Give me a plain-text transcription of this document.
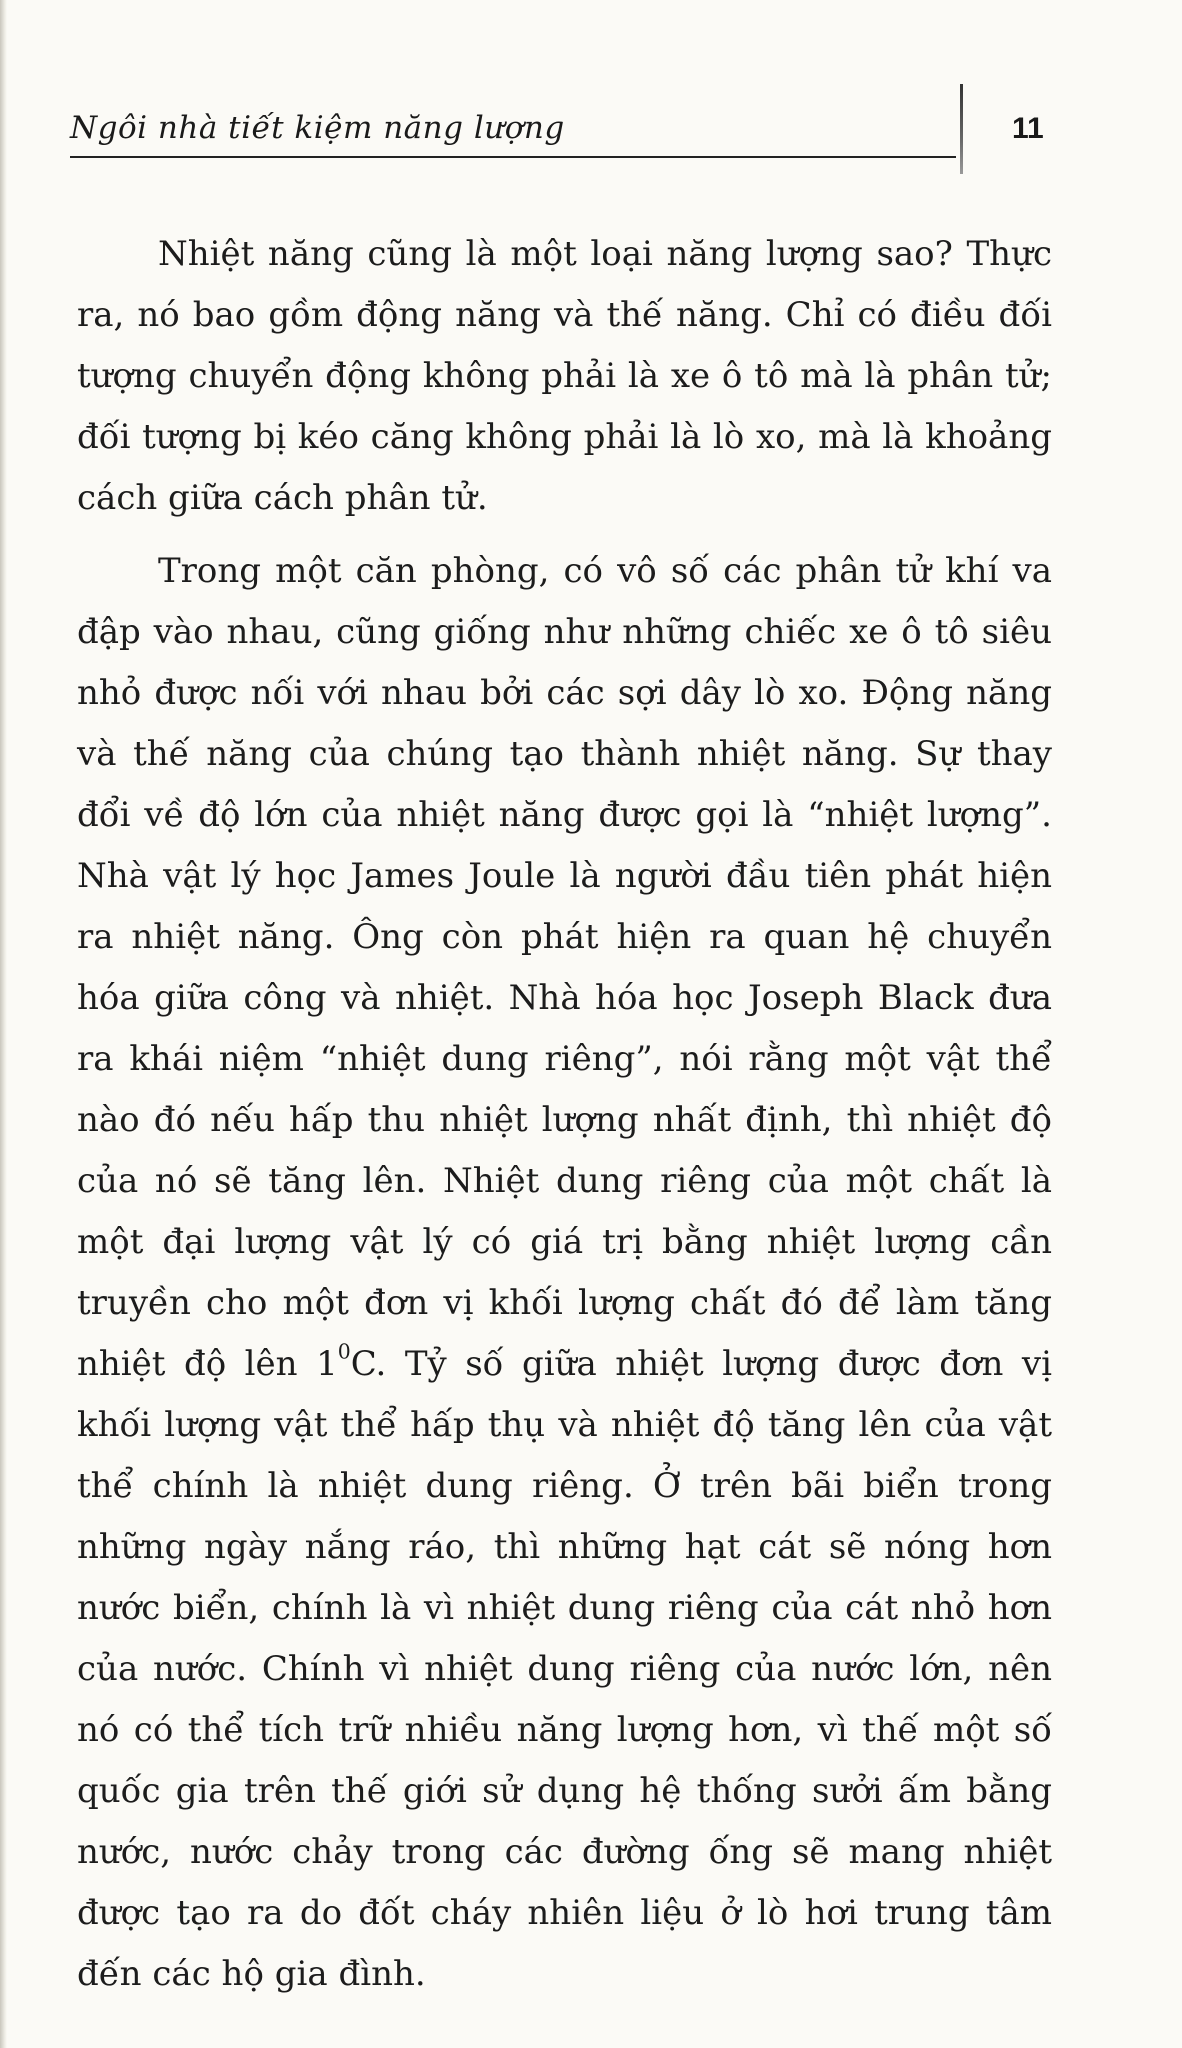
Ngôi nhà tiết kiệm năng lượng	11

Nhiệt năng cũng là một loại năng lượng sao? Thực ra, nó bao gồm động năng và thế năng. Chỉ có điều đối tượng chuyển động không phải là xe ô tô mà là phân tử; đối tượng bị kéo căng không phải là lò xo, mà là khoảng cách giữa cách phân tử.

Trong một căn phòng, có vô số các phân tử khí va đập vào nhau, cũng giống như những chiếc xe ô tô siêu nhỏ được nối với nhau bởi các sợi dây lò xo. Động năng và thế năng của chúng tạo thành nhiệt năng. Sự thay đổi về độ lớn của nhiệt năng được gọi là “nhiệt lượng”. Nhà vật lý học James Joule là người đầu tiên phát hiện ra nhiệt năng. Ông còn phát hiện ra quan hệ chuyển hóa giữa công và nhiệt. Nhà hóa học Joseph Black đưa ra khái niệm “nhiệt dung riêng”, nói rằng một vật thể nào đó nếu hấp thu nhiệt lượng nhất định, thì nhiệt độ của nó sẽ tăng lên. Nhiệt dung riêng của một chất là một đại lượng vật lý có giá trị bằng nhiệt lượng cần truyền cho một đơn vị khối lượng chất đó để làm tăng nhiệt độ lên $1^0C$. Tỷ số giữa nhiệt lượng được đơn vị khối lượng vật thể hấp thụ và nhiệt độ tăng lên của vật thể chính là nhiệt dung riêng. Ở trên bãi biển trong những ngày nắng ráo, thì những hạt cát sẽ nóng hơn nước biển, chính là vì nhiệt dung riêng của cát nhỏ hơn của nước. Chính vì nhiệt dung riêng của nước lớn, nên nó có thể tích trữ nhiều năng lượng hơn, vì thế một số quốc gia trên thế giới sử dụng hệ thống sưởi ấm bằng nước, nước chảy trong các đường ống sẽ mang nhiệt được tạo ra do đốt cháy nhiên liệu ở lò hơi trung tâm đến các hộ gia đình.
